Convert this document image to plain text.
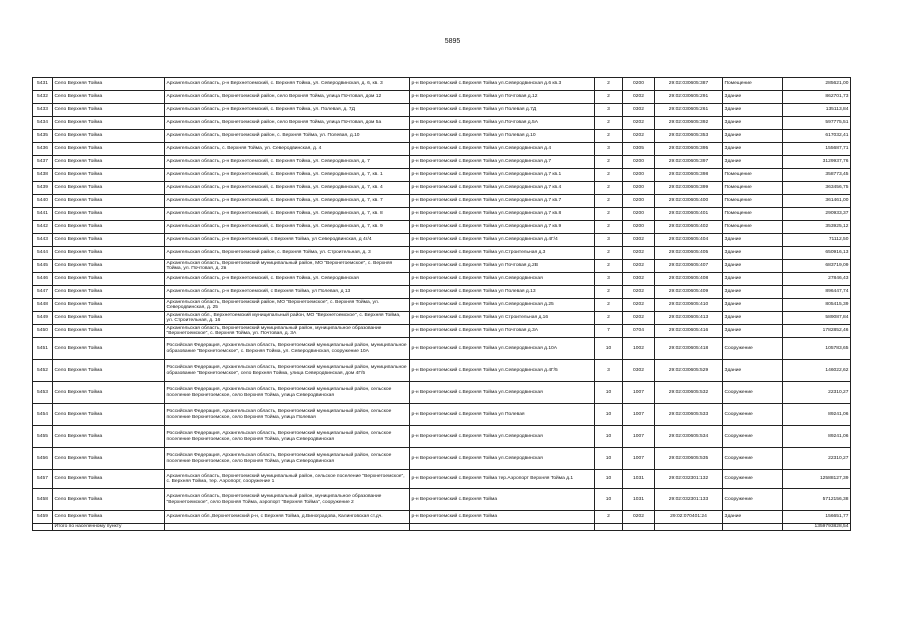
5895
5431	Село Верхняя Тойма	Архангельская область, р-н Верхнетоемский, с. Верхняя Тойма, ул. Северодвинская, д. 6, кв. 3	р-н Верхнетоемский с.Верхняя Тойма ул.Северодвинская д.6 кв.3	2	0200	29:02:030605:387	Помещение	285621,00
5432	Село Верхняя Тойма	Архангельская область, Верхнетоемский район, село Верхняя Тойма, улица Почтовая, дом 12	р-н Верхнетоемский с.Верхняя Тойма ул Почтовая д.12	2	0202	29:02:030605:291	Здание	862701,73
5433	Село Верхняя Тойма	Архангельская область, р-н Верхнетоемский, с. Верхняя Тойма, ул. Полевая, д. 7Д	р-н Верхнетоемский с.Верхняя Тойма ул Полевая д.7Д	3	0302	29:02:030605:261	Здание	135113,84
5434	Село Верхняя Тойма	Архангельская область, Верхнетоемский район, село Верхняя Тойма, улица Почтовая, дом 5а	р-н Верхнетоемский с.Верхняя Тойма ул.Почтовая д.5А	2	0202	29:02:030605:392	Здание	597775,51
5435	Село Верхняя Тойма	Архангельская область, Верхнетоемский район, с. Верхняя Тойма, ул. Полевая, д.10	р-н Верхнетоемский с.Верхняя Тойма ул Полевая д.10	2	0202	29:02:030605:353	Здание	617032,41
5436	Село Верхняя Тойма	Архангельская область, с. Верхняя Тойма, ул. Северодвинская, д. 4	р-н Верхнетоемский с.Верхняя Тойма ул.Северодвинская д.4	3	0305	29:02:030605:395	Здание	155687,71
5437	Село Верхняя Тойма	Архангельская область, р-н Верхнетоемский, с. Верхняя Тойма, ул. Северодвинская, д. 7	р-н Верхнетоемский с.Верхняя Тойма ул.Северодвинская д.7	2	0200	29:02:030605:397	Здание	3129937,76
5438	Село Верхняя Тойма	Архангельская область, р-н Верхнетоемский, с. Верхняя Тойма, ул. Северодвинская, д. 7, кв. 1	р-н Верхнетоемский с.Верхняя Тойма ул.Северодвинская д.7 кв.1	2	0200	29:02:030605:398	Помещение	358773,45
5439	Село Верхняя Тойма	Архангельская область, р-н Верхнетоемский, с. Верхняя Тойма, ул. Северодвинская, д. 7, кв. 4	р-н Верхнетоемский с.Верхняя Тойма ул.Северодвинская д.7 кв.4	2	0200	29:02:030605:399	Помещение	363456,75
5440	Село Верхняя Тойма	Архангельская область, р-н Верхнетоемский, с. Верхняя Тойма, ул. Северодвинская, д. 7, кв. 7	р-н Верхнетоемский с.Верхняя Тойма ул.Северодвинская д.7 кв.7	2	0200	29:02:030605:400	Помещение	361461,00
5441	Село Верхняя Тойма	Архангельская область, р-н Верхнетоемский, с. Верхняя Тойма, ул. Северодвинская, д. 7, кв. 8	р-н Верхнетоемский с.Верхняя Тойма ул.Северодвинская д.7 кв.8	2	0200	29:02:030605:401	Помещение	290933,37
5442	Село Верхняя Тойма	Архангельская область, р-н Верхнетоемский, с. Верхняя Тойма, ул. Северодвинская, д. 7, кв. 9	р-н Верхнетоемский с.Верхняя Тойма ул.Северодвинская д.7 кв.9	2	0200	29:02:030605:402	Помещение	353925,12
5443	Село Верхняя Тойма	Архангельская область, р-н Верхнетоемский, с Верхняя Тойма, ул Северодвинская, д 4г/4	р-н Верхнетоемский с.Верхняя Тойма ул.Северодвинская д.4Г/4	3	0302	29:02:030605:404	Здание	71112,50
5444	Село Верхняя Тойма	Архангельская область, Верхнетоемский район, с. Верхняя Тойма, ул. Строительная, д. 3	р-н Верхнетоемский с.Верхняя Тойма ул.Строительная д.3	2	0202	29:02:030605:405	Здание	650916,13
5445	Село Верхняя Тойма	Архангельская область, Верхнетоемский муниципальный район, МО "Верхнетоемское", с. Верхняя Тойма, ул. Почтовая, д. 2в	р-н Верхнетоемский с.Верхняя Тойма ул Почтовая д.2В	2	0202	29:02:030605:407	Здание	683719,09
5446	Село Верхняя Тойма	Архангельская область, р-н Верхнетоемский, с. Верхняя Тойма, ул. Северодвинская	р-н Верхнетоемский с.Верхняя Тойма ул.Северодвинская	3	0302	29:02:030605:408	Здание	27846,43
5447	Село Верхняя Тойма	Архангельская область, р-н Верхнетоемский, с Верхняя Тойма, ул Полевая, д 13	р-н Верхнетоемский с.Верхняя Тойма ул Полевая д.13	2	0202	29:02:030605:409	Здание	896447,74
5448	Село Верхняя Тойма	Архангельская область, Верхнетоемский район, МО "Верхнетоемское", с. Верхняя Тойма, ул. Северодвинская, д. 25	р-н Верхнетоемский с.Верхняя Тойма ул.Северодвинская д.25	2	0202	29:02:030605:410	Здание	805415,39
5449	Село Верхняя Тойма	Архангельская обл., Верхнетоемский муниципальный район, МО "Верхнетоемское", с. Верхняя Тойма, ул. Строительная, д. 16	р-н Верхнетоемский с.Верхняя Тойма ул Строительная д.16	2	0202	29:02:030605:413	Здание	589087,84
5450	Село Верхняя Тойма	Архангельская область, Верхнетоемский муниципальный район, муниципальное образование "Верхнетоемское", с. Верхняя Тойма, ул. Почтовая, д. 3А	р-н Верхнетоемский с.Верхняя Тойма ул Почтовая д.3А	7	0704	29:02:030605:416	Здание	1782852,46
5451	Село Верхняя Тойма	Российская Федерация, Архангельская область, Верхнетоемский муниципальный район, муниципальное образование "Верхнетоемское", с. Верхняя Тойма, ул. Северодвинская, сооружение 10А	р-н Верхнетоемский с.Верхняя Тойма ул.Северодвинская д.10А	10	1002	29:02:030605:418	Сооружение	105783,65
5452	Село Верхняя Тойма	Российская Федерация, Архангельская область, Верхнетоемский муниципальный район, муниципальное образование "Верхнетоемское", село Верхняя Тойма, улица Северодвинская, дом 4Г/5	р-н Верхнетоемский с.Верхняя Тойма ул.Северодвинская д.4Г/5	3	0302	29:02:030605:529	Здание	146022,62
5453	Село Верхняя Тойма	Российская Федерация, Архангельская область, Верхнетоемский муниципальный район, сельское поселение Верхнетоемское, село Верхняя Тойма, улица Северодвинская	р-н Верхнетоемский с.Верхняя Тойма ул.Северодвинская	10	1007	29:02:030605:532	Сооружение	22310,27
5454	Село Верхняя Тойма	Российская Федерация, Архангельская область, Верхнетоемский муниципальный район, сельское поселение Верхнетоемское, село Верхняя Тойма, улица Полевая	р-н Верхнетоемский с.Верхняя Тойма ул Полевая	10	1007	29:02:030605:533	Сооружение	89241,06
5455	Село Верхняя Тойма	Российская Федерация, Архангельская область, Верхнетоемский муниципальный район, сельское поселение Верхнетоемское, село Верхняя Тойма, улица Северодвинская	р-н Верхнетоемский с.Верхняя Тойма ул.Северодвинская	10	1007	29:02:030605:534	Сооружение	89241,06
5456	Село Верхняя Тойма	Российская Федерация, Архангельская область, Верхнетоемский муниципальный район, сельское поселение Верхнетоемское, село Верхняя Тойма, улица Северодвинская	р-н Верхнетоемский с.Верхняя Тойма ул.Северодвинская	10	1007	29:02:030605:535	Сооружение	22310,27
5457	Село Верхняя Тойма	Архангельская область, Верхнетоемский муниципальный район, сельское поселение "Верхнетоемское", с. Верхняя Тойма, тер. Аэропорт, сооружение 1	р-н Верхнетоемский с.Верхняя Тойма тер.Аэропорт Верхняя Тойма д.1	10	1031	29:02:032301:132	Сооружение	12588127,39
5458	Село Верхняя Тойма	Архангельская область, Верхнетоемский муниципальный район, муниципальное образование "Верхнетоемское", село Верхняя Тойма, аэропорт "Верхняя Тойма", сооружение 2	р-н Верхнетоемский с.Верхняя Тойма	10	1031	29:02:032301:133	Сооружение	5712156,38
5459	Село Верхняя Тойма	Архангельская обл.,Верхнетоемский р-н, с Верхняя Тойма, д.Виноградова, Калинговская ст.дч.	р-н Верхнетоемский с.Верхняя Тойма	2	0202	29:02:070401:24	Здание	156651,77
	Итого по населенному пункту							1359793828,54
